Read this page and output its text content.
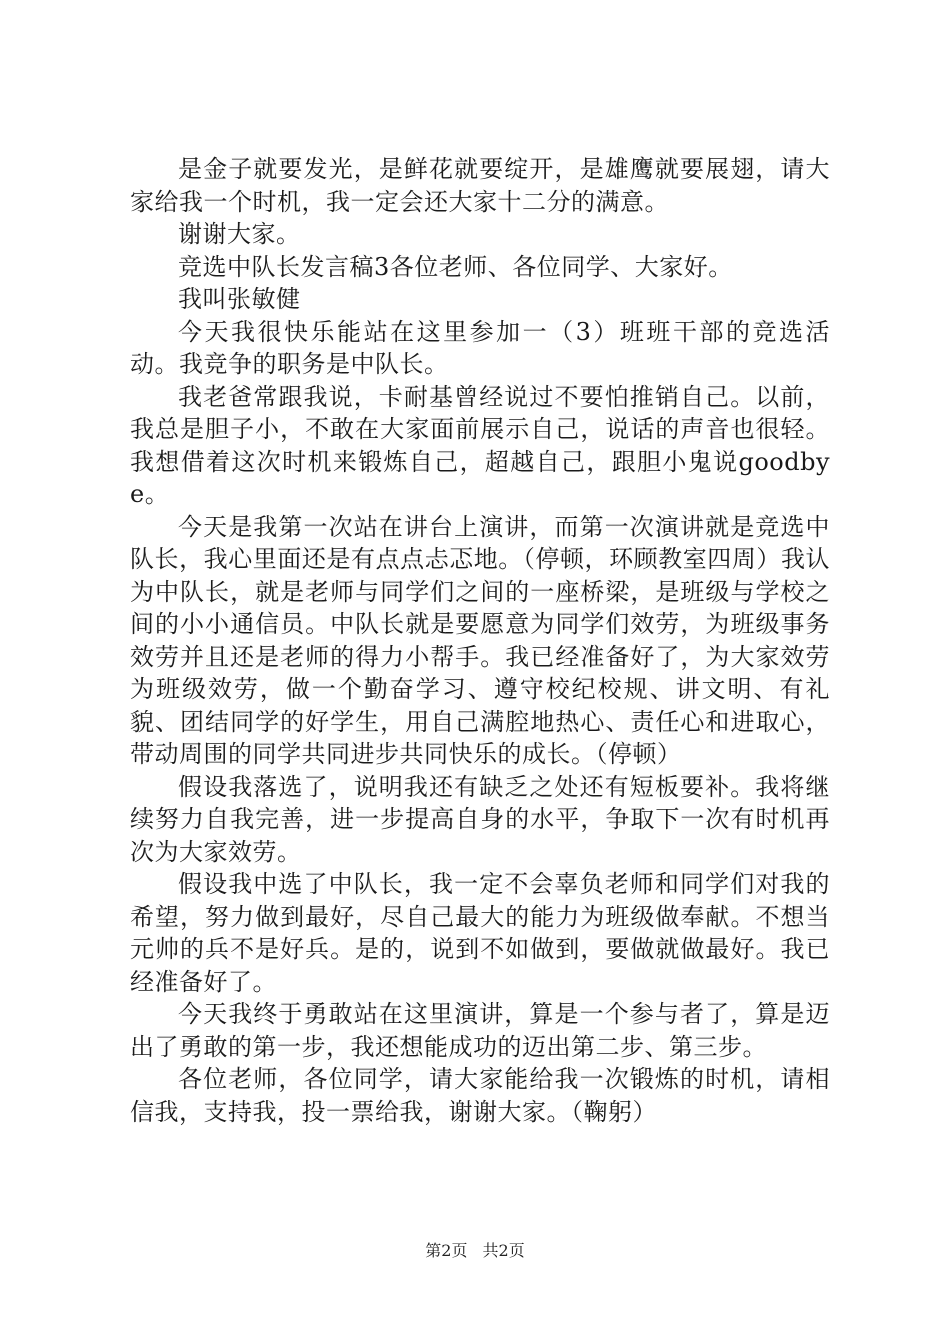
是金子就要发光，是鲜花就要绽开，是雄鹰就要展翅，请大家给我一个时机，我一定会还大家十二分的满意。

谢谢大家。

竞选中队长发言稿3各位老师、各位同学、大家好。

我叫张敏健

今天我很快乐能站在这里参加一（3）班班干部的竞选活动。我竞争的职务是中队长。

我老爸常跟我说，卡耐基曾经说过不要怕推销自己。以前，我总是胆子小，不敢在大家面前展示自己，说话的声音也很轻。我想借着这次时机来锻炼自己，超越自己，跟胆小鬼说goodbye。

今天是我第一次站在讲台上演讲，而第一次演讲就是竞选中队长，我心里面还是有点点忐忑地。（停顿，环顾教室四周）我认为中队长，就是老师与同学们之间的一座桥梁，是班级与学校之间的小小通信员。中队长就是要愿意为同学们效劳，为班级事务效劳并且还是老师的得力小帮手。我已经准备好了，为大家效劳为班级效劳，做一个勤奋学习、遵守校纪校规、讲文明、有礼貌、团结同学的好学生，用自己满腔地热心、责任心和进取心，带动周围的同学共同进步共同快乐的成长。（停顿）

假设我落选了，说明我还有缺乏之处还有短板要补。我将继续努力自我完善，进一步提高自身的水平，争取下一次有时机再次为大家效劳。

假设我中选了中队长，我一定不会辜负老师和同学们对我的希望，努力做到最好，尽自己最大的能力为班级做奉献。不想当元帅的兵不是好兵。是的，说到不如做到，要做就做最好。我已经准备好了。

今天我终于勇敢站在这里演讲，算是一个参与者了，算是迈出了勇敢的第一步，我还想能成功的迈出第二步、第三步。

各位老师，各位同学，请大家能给我一次锻炼的时机，请相信我，支持我，投一票给我，谢谢大家。（鞠躬）

第2页 共2页
